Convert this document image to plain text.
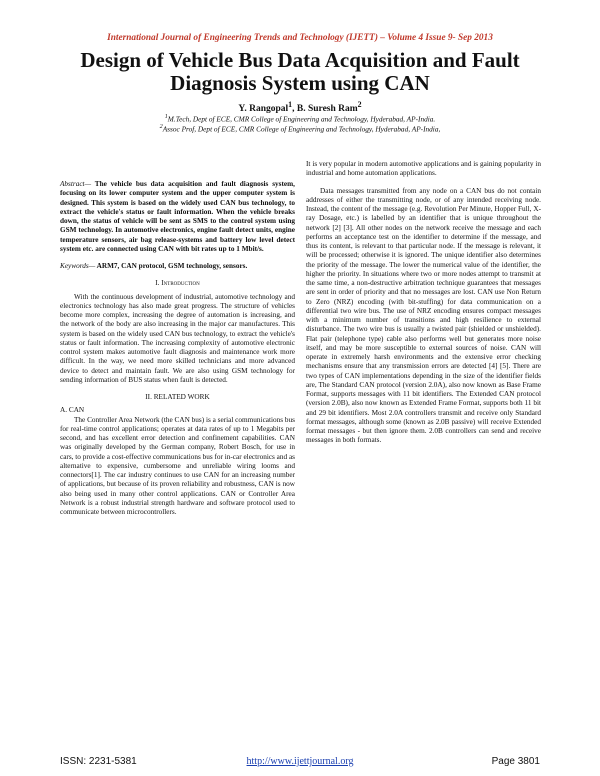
International Journal of Engineering Trends and Technology (IJETT) – Volume 4 Issue 9- Sep 2013
Design of Vehicle Bus Data Acquisition and Fault Diagnosis System using CAN
Y. Rangopal$^1$, B. Suresh Ram$^2$
$^1$M.Tech, Dept of ECE, CMR College of Engineering and Technology, Hyderabad, AP-India.
$^2$Assoc Prof, Dept of ECE, CMR College of Engineering and Technology, Hyderabad, AP-India,

Abstract— The vehicle bus data acquisition and fault diagnosis system, focusing on its lower computer system and the upper computer system is designed. This system is based on the widely used CAN bus technology, to extract the vehicle's status or fault information. When the vehicle breaks down, the status of vehicle will be sent as SMS to the control system using GSM technology. In automotive electronics, engine fault detect units, engine temperature sensors, air bag release-systems and battery low level detect system etc. are connected using CAN with bit rates up to 1 Mbit/s.

Keywords— ARM7, CAN protocol, GSM technology, sensors.

I. Introduction

With the continuous development of industrial, automotive technology and electronics technology has also made great progress. The structure of vehicles become more complex, increasing the degree of automation is increasing, and the network of the body are also increasing in the major car manufactures. This system is based on the widely used CAN bus technology, to extract the vehicle's status or fault information. The increasing complexity of automotive electronic control system makes automotive fault diagnosis and maintenance work more difficult. In the way, we need more skilled technicians and more advanced device to detect and maintain fault. We are also using GSM technology for sending information of BUS status when fault is detected.

II. RELATED WORK

A. CAN

The Controller Area Network (the CAN bus) is a serial communications bus for real-time control applications; operates at data rates of up to 1 Megabits per second, and has excellent error detection and confinement capabilities. CAN was originally developed by the German company, Robert Bosch, for use in cars, to provide a cost-effective communications bus for in-car electronics and as alternative to expensive, cumbersome and unreliable wiring looms and connectors[1]. The car industry continues to use CAN for an increasing number of applications, but because of its proven reliability and robustness, CAN is now also being used in many other control applications. CAN or Controller Area Network is a robust industrial strength hardware and software protocol used to communicate between microcontrollers.

It is very popular in modern automotive applications and is gaining popularity in industrial and home automation applications.

Data messages transmitted from any node on a CAN bus do not contain addresses of either the transmitting node, or of any intended receiving node. Instead, the content of the message (e.g. Revolution Per Minute, Hopper Full, X-ray Dosage, etc.) is labelled by an identifier that is unique throughout the network [2] [3]. All other nodes on the network receive the message and each performs an acceptance test on the identifier to determine if the message, and thus its content, is relevant to that particular node. If the message is relevant, it will be processed; otherwise it is ignored. The unique identifier also determines the priority of the message. The lower the numerical value of the identifier, the higher the priority. In situations where two or more nodes attempt to transmit at the same time, a non-destructive arbitration technique guarantees that messages are sent in order of priority and that no messages are lost. CAN use Non Return to Zero (NRZ) encoding (with bit-stuffing) for data communication on a differential two wire bus. The use of NRZ encoding ensures compact messages with a minimum number of transitions and high resilience to external disturbance. The two wire bus is usually a twisted pair (shielded or unshielded). Flat pair (telephone type) cable also performs well but generates more noise itself, and may be more susceptible to external sources of noise. CAN will operate in extremely harsh environments and the extensive error checking mechanisms ensure that any transmission errors are detected [4] [5]. There are two types of CAN implementations depending in the size of the identifier fields are, The Standard CAN protocol (version 2.0A), also now known as Base Frame Format, supports messages with 11 bit identifiers. The Extended CAN protocol (version 2.0B), also now known as Extended Frame Format, supports both 11 bit and 29 bit identifiers. Most 2.0A controllers transmit and receive only Standard format messages, although some (known as 2.0B passive) will receive Extended format messages - but then ignore them. 2.0B controllers can send and receive messages in both formats.

ISSN: 2231-5381	http://www.ijettjournal.org	Page 3801
